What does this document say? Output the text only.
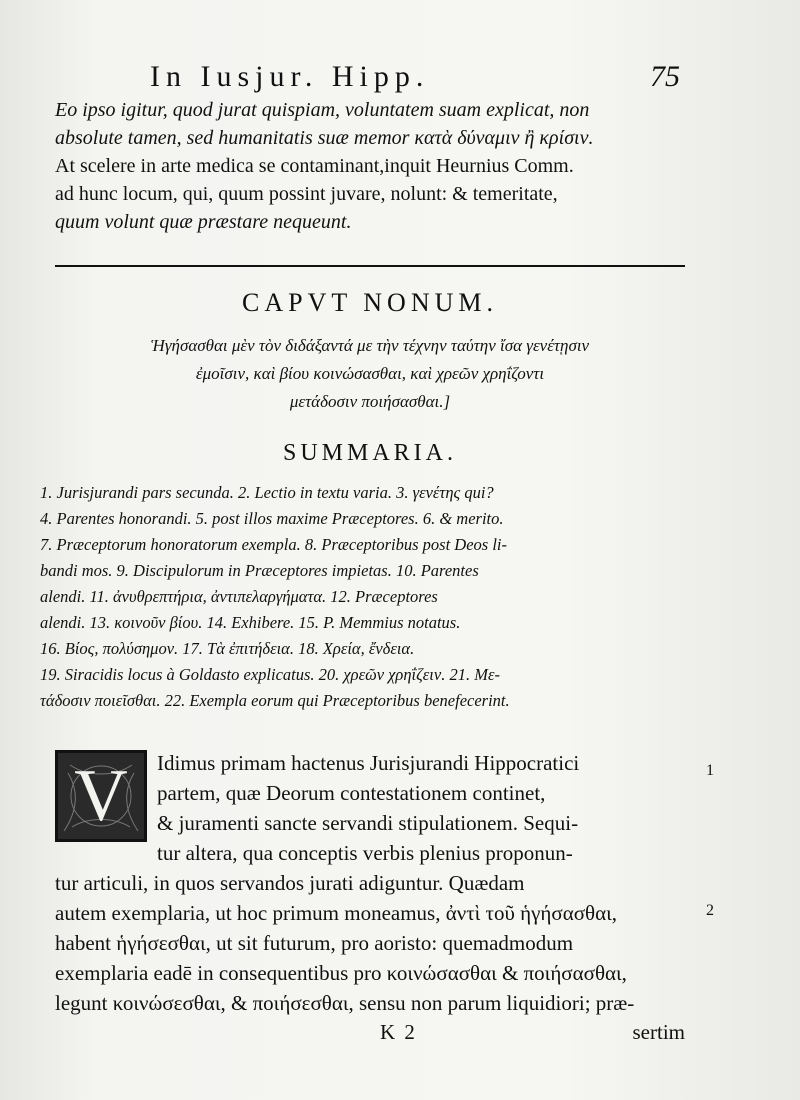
In Iusjur. Hipp.	75

Eo ipso igitur, quod jurat quispiam, voluntatem suam explicat, non

absolute tamen, sed humanitatis suæ memor κατὰ δύναμιν ἢ κρίσιν.

At scelere in arte medica se contaminant,inquit Heurnius Comm.

ad hunc locum, qui, quum possint juvare, nolunt: & temeritate,

quum volunt quæ præstare nequeunt.

CAPVT NONUM.
Ἡγήσασθαι μὲν τὸν διδάξαντά με τὴν τέχνην ταύτην ἴσα γενέτῃσιν
ἐμοῖσιν, καὶ βίου κοινώσασθαι, καὶ χρεῶν χρηΐζοντι
μετάδοσιν ποιήσασθαι.]
SUMMARIA.

1. Jurisjurandi pars secunda. 2. Lectio in textu varia. 3. γενέτης qui?

4. Parentes honorandi. 5. post illos maxime Præceptores. 6. & merito.

7. Præceptorum honoratorum exempla. 8. Præceptoribus post Deos li-

bandi mos. 9. Discipulorum in Præceptores impietas. 10. Parentes

alendi. 11. ἀνυθρεπτήρια, ἀντιπελαργήματα. 12. Præceptores

alendi. 13. κοινοῦν βίου. 14. Exhibere. 15. P. Memmius notatus.

16. Βίος, πολύσημον. 17. Τὰ ἐπιτήδεια. 18. Χρεία, ἔνδεια.

19. Siracidis locus à Goldasto explicatus. 20. χρεῶν χρηΐζειν. 21. Με-

τάδοσιν ποιεῖσθαι. 22. Exempla eorum qui Præceptoribus benefecerint.

V	Idimus primam hactenus Jurisjurandi Hippocratici

partem, quæ Deorum contestationem continet,

& juramenti sancte servandi stipulationem. Sequi-

tur altera, qua conceptis verbis plenius proponun-

tur articuli, in quos servandos jurati adiguntur. Quædam

autem exemplaria, ut hoc primum moneamus, ἀντὶ τοῦ ἡγήσασθαι,

habent ἡγήσεσθαι, ut sit futurum, pro aoristo: quemadmodum

exemplaria eadē in consequentibus pro κοινώσασθαι & ποιήσασθαι,

legunt κοινώσεσθαι, & ποιήσεσθαι, sensu non parum liquidiori; præ-

1
2
K 2	sertim
